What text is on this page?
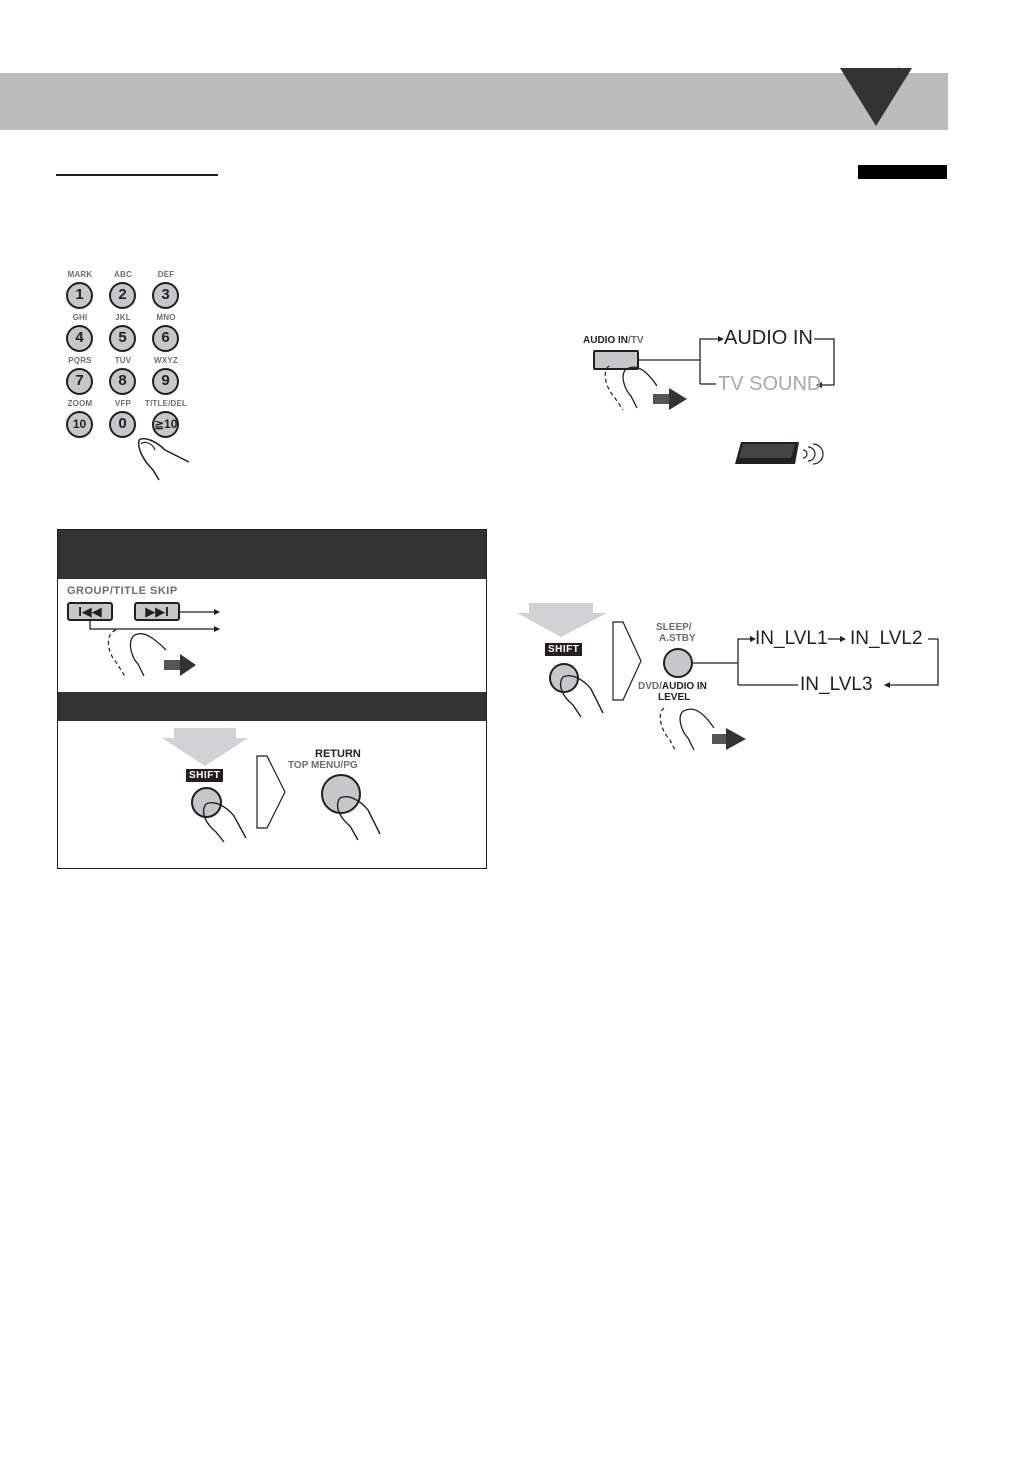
MARK	ABC	DEF
1	2	3
GHI	JKL	MNO
4	5	6
PQRS	TUV	WXYZ
7	8	9
ZOOM	VFP	TITLE/DEL
10	0	≧10
GROUP/TITLE SKIP
I◀◀	▶▶I
SHIFT
RETURN
TOP MENU/PG
AUDIO IN/TV	AUDIO IN
TV SOUND
SHIFT
SLEEP/
A.STBY
DVD/AUDIO IN
LEVEL
IN_LVL1 IN_LVL2
IN_LVL3
